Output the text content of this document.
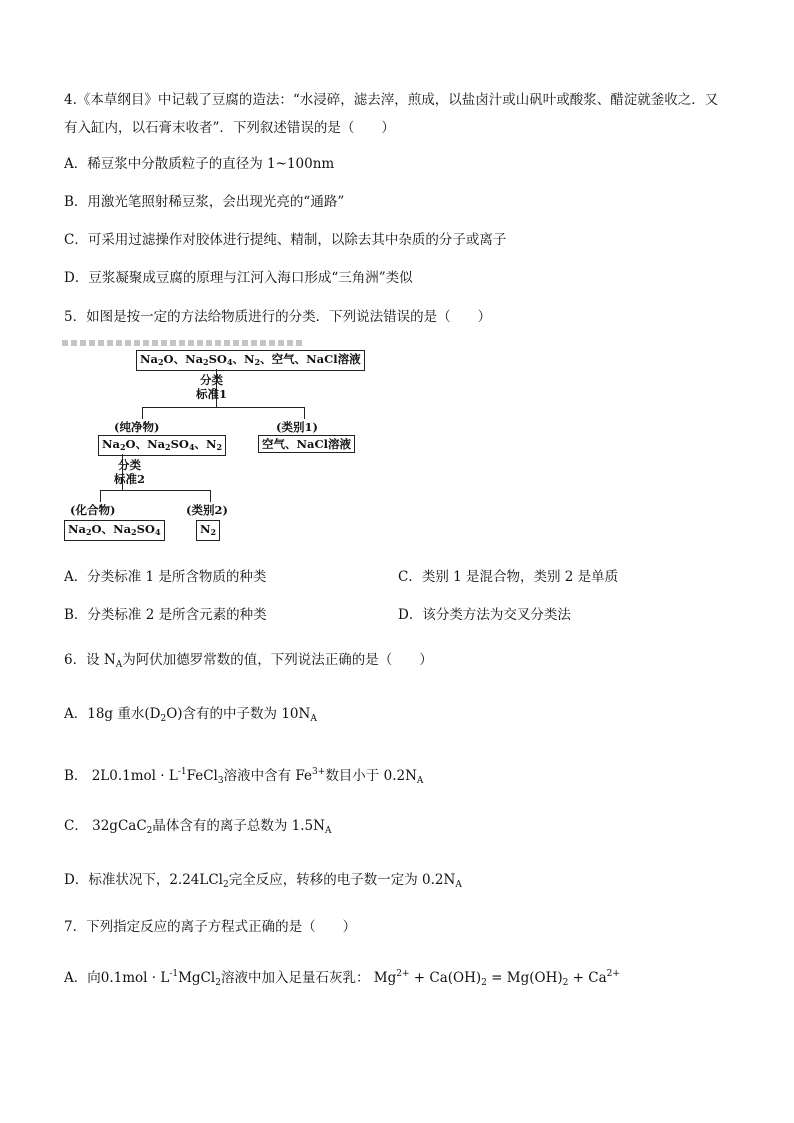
4.《本草纲目》中记载了豆腐的造法：“水浸碎，滤去滓，煎成，以盐卤汁或山矾叶或酸浆、醋淀就釜收之．又
有入缸内，以石膏末收者”．下列叙述错误的是（　　）
A．稀豆浆中分散质粒子的直径为 1~100nm
B．用激光笔照射稀豆浆，会出现光亮的“通路”
C．可采用过滤操作对胶体进行提纯、精制，以除去其中杂质的分子或离子
D．豆浆凝聚成豆腐的原理与江河入海口形成“三角洲”类似
5．如图是按一定的方法给物质进行的分类．下列说法错误的是（　　）
$Na_2O$、$Na_2SO_4$、$N_2$、空气、NaCl溶液
分类
标准1
(纯净物)	(类别1)
$Na_2O$、$Na_2SO_4$、$N_2$	空气、NaCl溶液
分类
标准2
(化合物)	(类别2)
$Na_2O$、$Na_2SO_4$	$N_2$
A．分类标准 1 是所含物质的种类	C．类别 1 是混合物，类别 2 是单质
B．分类标准 2 是所含元素的种类	D．该分类方法为交叉分类法
6．设 $N_A$为阿伏加德罗常数的值，下列说法正确的是（　　）
A．18g 重水$(D_2O)$含有的中子数为 $10N_A$
B． $2L0.1mol \cdot L^{-1}FeCl_3$溶液中含有 $Fe^{3+}$数目小于 $0.2N_A$
C． 32gCaC$_2$晶体含有的离子总数为 $1.5N_A$
D．标准状况下，2.24LCl$_2$完全反应，转移的电子数一定为 $0.2N_A$
7．下列指定反应的离子方程式正确的是（　　）
A．向$0.1mol \cdot L^{-1}MgCl_2$溶液中加入足量石灰乳： $Mg^{2+} + Ca(OH)_2 = Mg(OH)_2 + Ca^{2+}$
